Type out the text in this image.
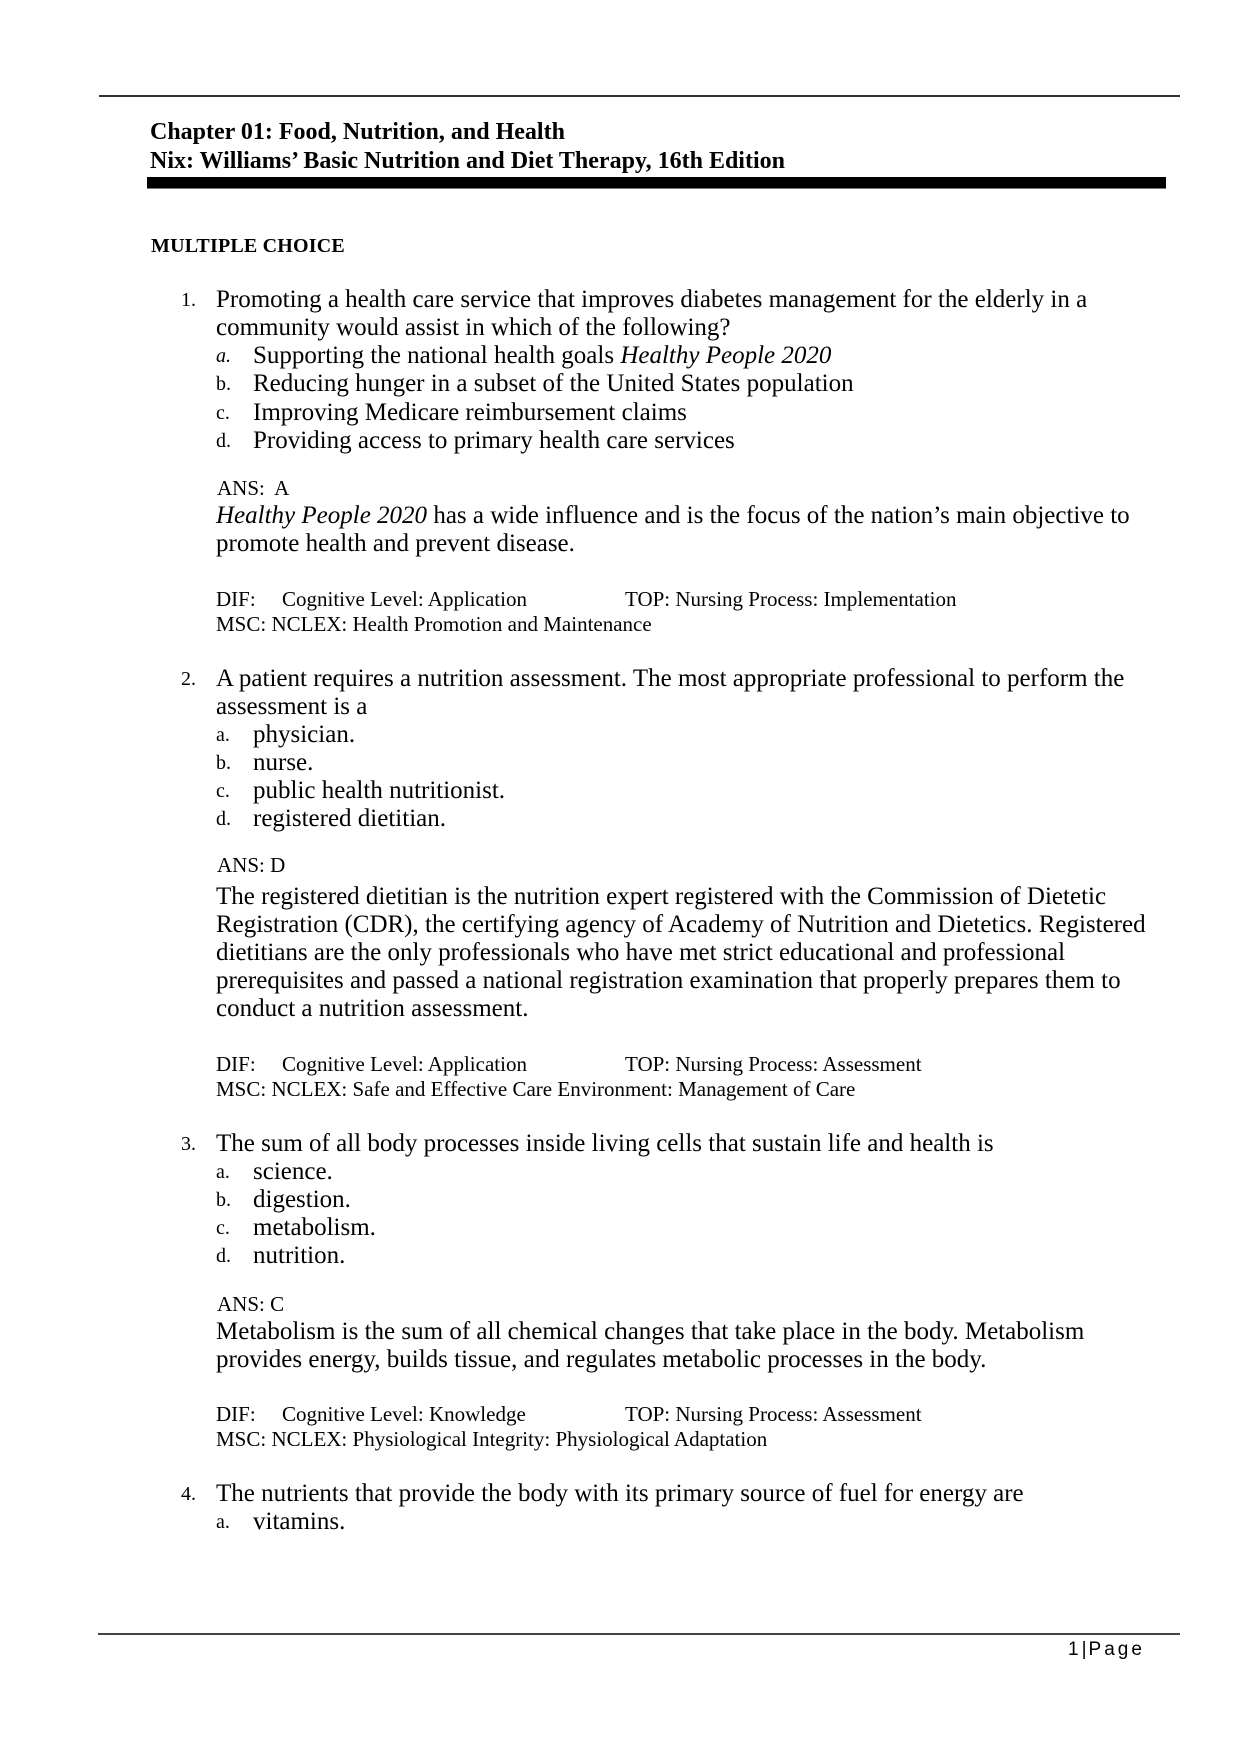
Chapter 01: Food, Nutrition, and Health
Nix: Williams’ Basic Nutrition and Diet Therapy, 16th Edition
MULTIPLE CHOICE
1. Promoting a health care service that improves diabetes management for the elderly in a
community would assist in which of the following?
a. Supporting the national health goals Healthy People 2020
b. Reducing hunger in a subset of the United States population
c. Improving Medicare reimbursement claims
d. Providing access to primary health care services
ANS:  A
Healthy People 2020 has a wide influence and is the focus of the nation’s main objective to
promote health and prevent disease.
DIF: Cognitive Level: Application	TOP: Nursing Process: Implementation
MSC: NCLEX: Health Promotion and Maintenance
2. A patient requires a nutrition assessment. The most appropriate professional to perform the
assessment is a
a. physician.
b. nurse.
c. public health nutritionist.
d. registered dietitian.
ANS: D
The registered dietitian is the nutrition expert registered with the Commission of Dietetic
Registration (CDR), the certifying agency of Academy of Nutrition and Dietetics. Registered
dietitians are the only professionals who have met strict educational and professional
prerequisites and passed a national registration examination that properly prepares them to
conduct a nutrition assessment.
DIF: Cognitive Level: Application	TOP: Nursing Process: Assessment
MSC: NCLEX: Safe and Effective Care Environment: Management of Care
3. The sum of all body processes inside living cells that sustain life and health is
a. science.
b. digestion.
c. metabolism.
d. nutrition.
ANS: C
Metabolism is the sum of all chemical changes that take place in the body. Metabolism
provides energy, builds tissue, and regulates metabolic processes in the body.
DIF: Cognitive Level: Knowledge	TOP: Nursing Process: Assessment
MSC: NCLEX: Physiological Integrity: Physiological Adaptation
4. The nutrients that provide the body with its primary source of fuel for energy are
a. vitamins.
1|Page
